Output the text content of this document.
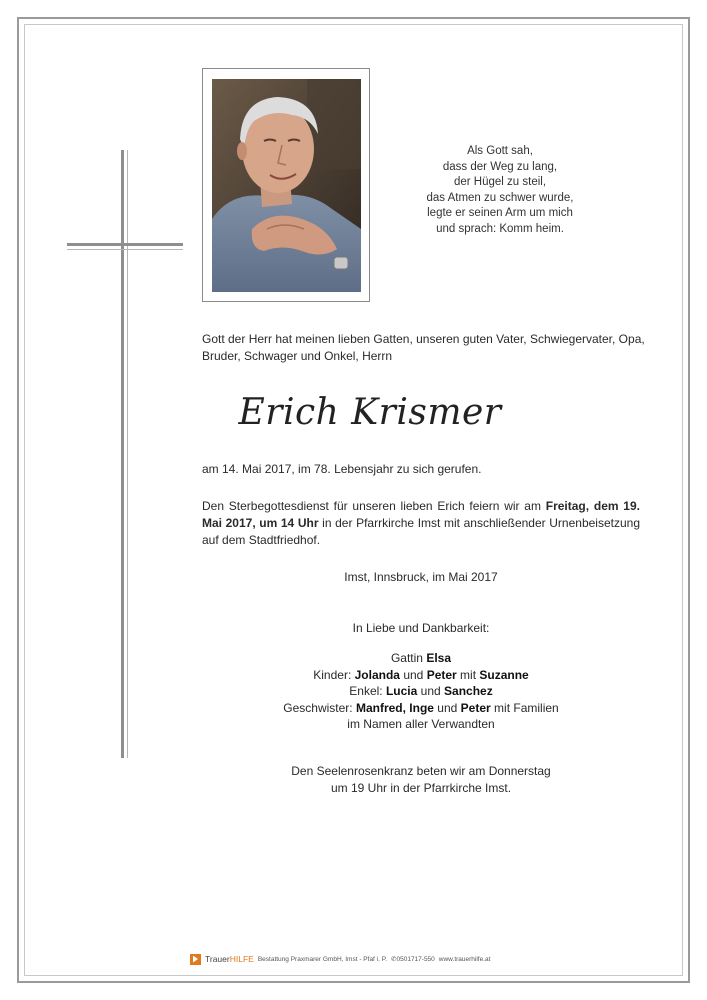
Als Gott sah,
dass der Weg zu lang,
der Hügel zu steil,
das Atmen zu schwer wurde,
legte er seinen Arm um mich
und sprach: Komm heim.
Gott der Herr hat meinen lieben Gatten, unseren guten Vater, Schwiegervater, Opa, Bruder, Schwager und Onkel, Herrn
Erich Krismer
am 14. Mai 2017, im 78. Lebensjahr zu sich gerufen.
Den Sterbegottesdienst für unseren lieben Erich feiern wir am Freitag, dem 19. Mai 2017, um 14 Uhr in der Pfarrkirche Imst mit anschließender Urnenbeisetzung auf dem Stadtfriedhof.
Imst, Innsbruck, im Mai 2017
In Liebe und Dankbarkeit:
Gattin Elsa
Kinder: Jolanda und Peter mit Suzanne
Enkel: Lucia und Sanchez
Geschwister: Manfred, Inge und Peter mit Familien
im Namen aller Verwandten
Den Seelenrosenkranz beten wir am Donnerstag
um 19 Uhr in der Pfarrkirche Imst.
TrauerHILFE Bestattung Praxmarer GmbH, Imst - Pfaf i. P. ✆0501717-550 www.trauerhilfe.at
